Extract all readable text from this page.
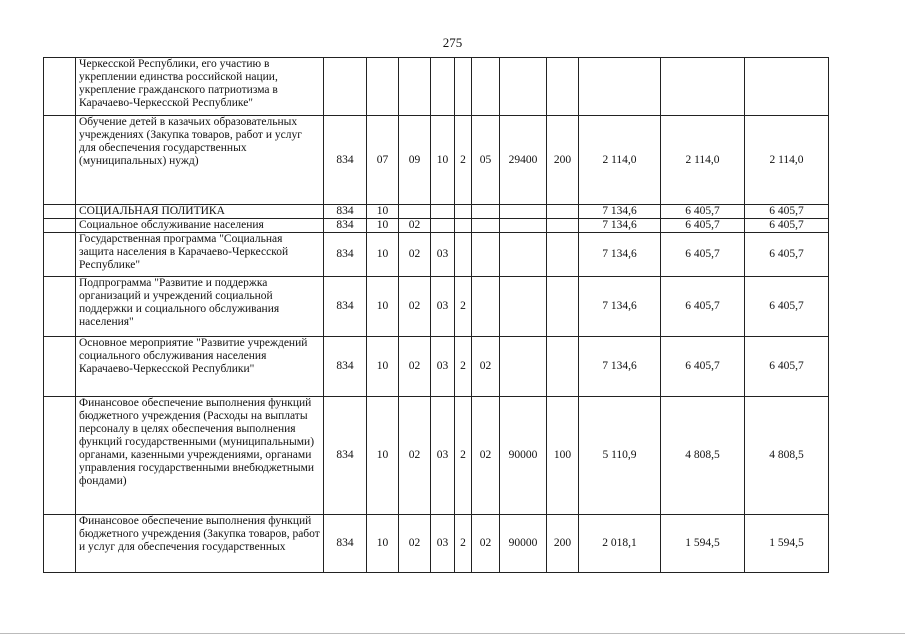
275
	Черкесской Республики, его участию в укреплении единства российской нации, укрепление гражданского патриотизма в Карачаево-Черкесской Республике"											
	Обучение детей в казачьих образовательных учреждениях (Закупка товаров, работ и услуг для обеспечения государственных (муниципальных) нужд)	834	07	09	10	2	05	29400	200	2 114,0	2 114,0	2 114,0
	СОЦИАЛЬНАЯ ПОЛИТИКА	834	10							7 134,6	6 405,7	6 405,7
	Социальное обслуживание населения	834	10	02						7 134,6	6 405,7	6 405,7
	Государственная программа "Социальная защита населения в Карачаево-Черкесской Республике"	834	10	02	03					7 134,6	6 405,7	6 405,7
	Подпрограмма "Развитие и поддержка организаций и учреждений социальной поддержки и социального обслуживания населения"	834	10	02	03	2				7 134,6	6 405,7	6 405,7
	Основное мероприятие "Развитие учреждений социального обслуживания населения Карачаево-Черкесской Республики"	834	10	02	03	2	02			7 134,6	6 405,7	6 405,7
	Финансовое обеспечение выполнения функций бюджетного учреждения (Расходы на выплаты персоналу в целях обеспечения выполнения функций государственными (муниципальными) органами, казенными учреждениями, органами управления государственными внебюджетными фондами)	834	10	02	03	2	02	90000	100	5 110,9	4 808,5	4 808,5
	Финансовое обеспечение выполнения функций бюджетного учреждения (Закупка товаров, работ и услуг для обеспечения государственных	834	10	02	03	2	02	90000	200	2 018,1	1 594,5	1 594,5
